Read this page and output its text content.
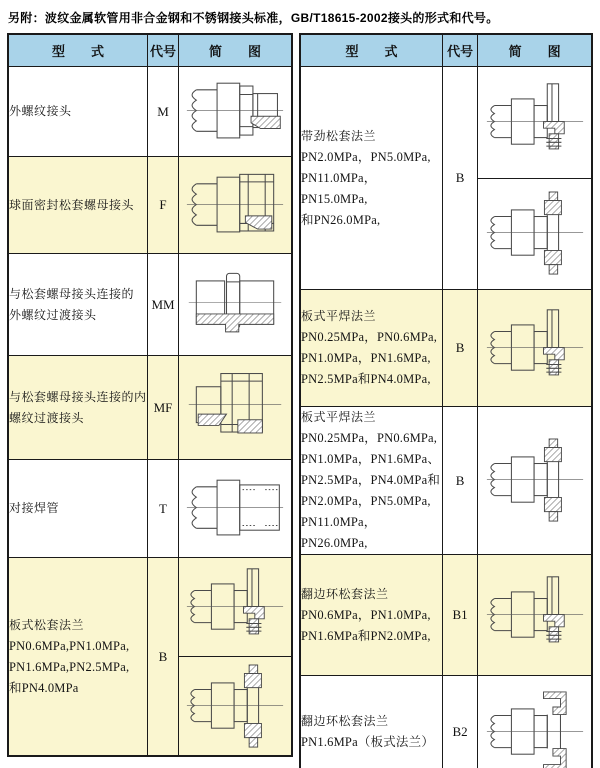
另附：波纹金属软管用非合金钢和不锈钢接头标准，GB/T18615-2002接头的形式和代号。
型　　式	代号	简　　图

外螺纹接头	M	

球面密封松套螺母接头	F	

与松套螺母接头连接的
外螺纹过渡接头	MM	

与松套螺母接头连接的内
螺纹过渡接头	MF	

对接焊管	T	

板式松套法兰
PN0.6MPa,PN1.0MPa,
PN1.6MPa,PN2.5MPa,
和PN4.0MPa	B	
型　　式	代号	简　　图

带劲松套法兰
PN2.0MPa，PN5.0MPa,
PN11.0MPa，PN15.0MPa,
和PN26.0MPa,	B	

板式平焊法兰
PN0.25MPa，PN0.6MPa,
PN1.0MPa，PN1.6MPa,
PN2.5MPa和PN4.0MPa,	B	

板式平焊法兰
PN0.25MPa，PN0.6MPa,
PN1.0MPa，PN1.6MPa、
PN2.5MPa，PN4.0MPa和
PN2.0MPa，PN5.0MPa,
PN11.0MPa，PN26.0MPa,
	B	

翻边环松套法兰
PN0.6MPa，PN1.0MPa,
PN1.6MPa和PN2.0MPa,	B1	

翻边环松套法兰
PN1.6MPa（板式法兰）	B2	
